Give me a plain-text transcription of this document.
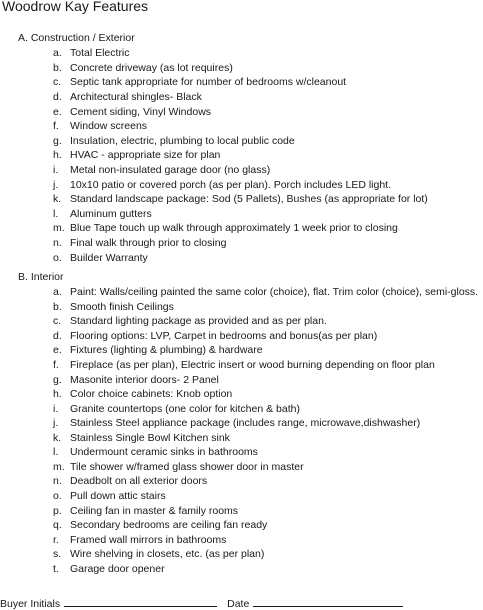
Woodrow Kay Features
A. Construction / Exterior
a. Total Electric
b. Concrete driveway (as lot requires)
c. Septic tank appropriate for number of bedrooms w/cleanout
d. Architectural shingles- Black
e. Cement siding, Vinyl Windows
f.	Window screens
g. Insulation, electric, plumbing to local public code
h. HVAC - appropriate size for plan
i.	Metal non-insulated garage door (no glass)
j.	10x10 patio or covered porch (as per plan). Porch includes LED light.
k. Standard landscape package: Sod (5 Pallets), Bushes (as appropriate for lot)
l.	Aluminum gutters
m. Blue Tape touch up walk through approximately 1 week prior to closing
n. Final walk through prior to closing
o. Builder Warranty
B. Interior
a. Paint: Walls/ceiling painted the same color (choice), flat. Trim color (choice), semi-gloss.
b. Smooth finish Ceilings
c. Standard lighting package as provided and as per plan.
d. Flooring options: LVP, Carpet in bedrooms and bonus(as per plan)
e. Fixtures (lighting & plumbing) & hardware
f.	Fireplace (as per plan), Electric insert or wood burning depending on floor plan
g. Masonite interior doors- 2 Panel
h. Color choice cabinets: Knob option
i.	Granite countertops (one color for kitchen & bath)
j.	Stainless Steel appliance package (includes range, microwave,dishwasher)
k. Stainless Single Bowl Kitchen sink
l.	Undermount ceramic sinks in bathrooms
m. Tile shower w/framed glass shower door in master
n. Deadbolt on all exterior doors
o. Pull down attic stairs
p. Ceiling fan in master & family rooms
q. Secondary bedrooms are ceiling fan ready
r.	Framed wall mirrors in bathrooms
s. Wire shelving in closets, etc. (as per plan)
t.	Garage door opener
Buyer Initials	Date
